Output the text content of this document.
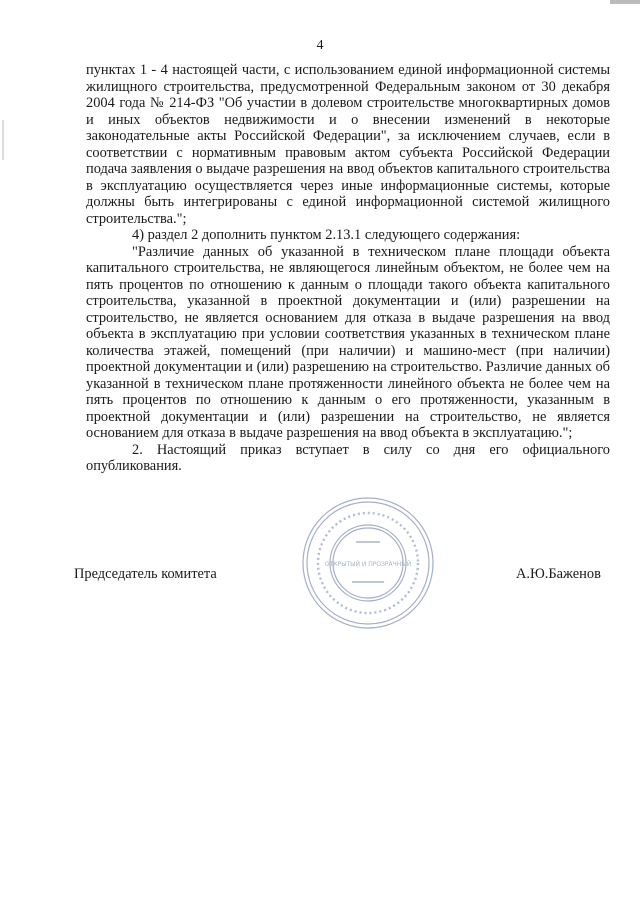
4

пунктах 1 - 4 настоящей части, с использованием единой информационной системы жилищного строительства, предусмотренной Федеральным законом от 30 декабря 2004 года № 214-ФЗ "Об участии в долевом строительстве многоквартирных домов и иных объектов недвижимости и о внесении изменений в некоторые законодательные акты Российской Федерации", за исключением случаев, если в соответствии с нормативным правовым актом субъекта Российской Федерации подача заявления о выдаче разрешения на ввод объектов капитального строительства в эксплуатацию осуществляется через иные информационные системы, которые должны быть интегрированы с единой информационной системой жилищного строительства.";

4) раздел 2 дополнить пунктом 2.13.1 следующего содержания:

"Различие данных об указанной в техническом плане площади объекта капитального строительства, не являющегося линейным объектом, не более чем на пять процентов по отношению к данным о площади такого объекта капитального строительства, указанной в проектной документации и (или) разрешении на строительство, не является основанием для отказа в выдаче разрешения на ввод объекта в эксплуатацию при условии соответствия указанных в техническом плане количества этажей, помещений (при наличии) и машино-мест (при наличии) проектной документации и (или) разрешению на строительство. Различие данных об указанной в техническом плане протяженности линейного объекта не более чем на пять процентов по отношению к данным о его протяженности, указанным в проектной документации и (или) разрешении на строительство, не является основанием для отказа в выдаче разрешения на ввод объекта в эксплуатацию.";

2. Настоящий приказ вступает в силу со дня его официального опубликования.

ОТКРЫТЫЙ И ПРОЗРАЧНЫЙ
Председатель комитета	А.Ю.Баженов
